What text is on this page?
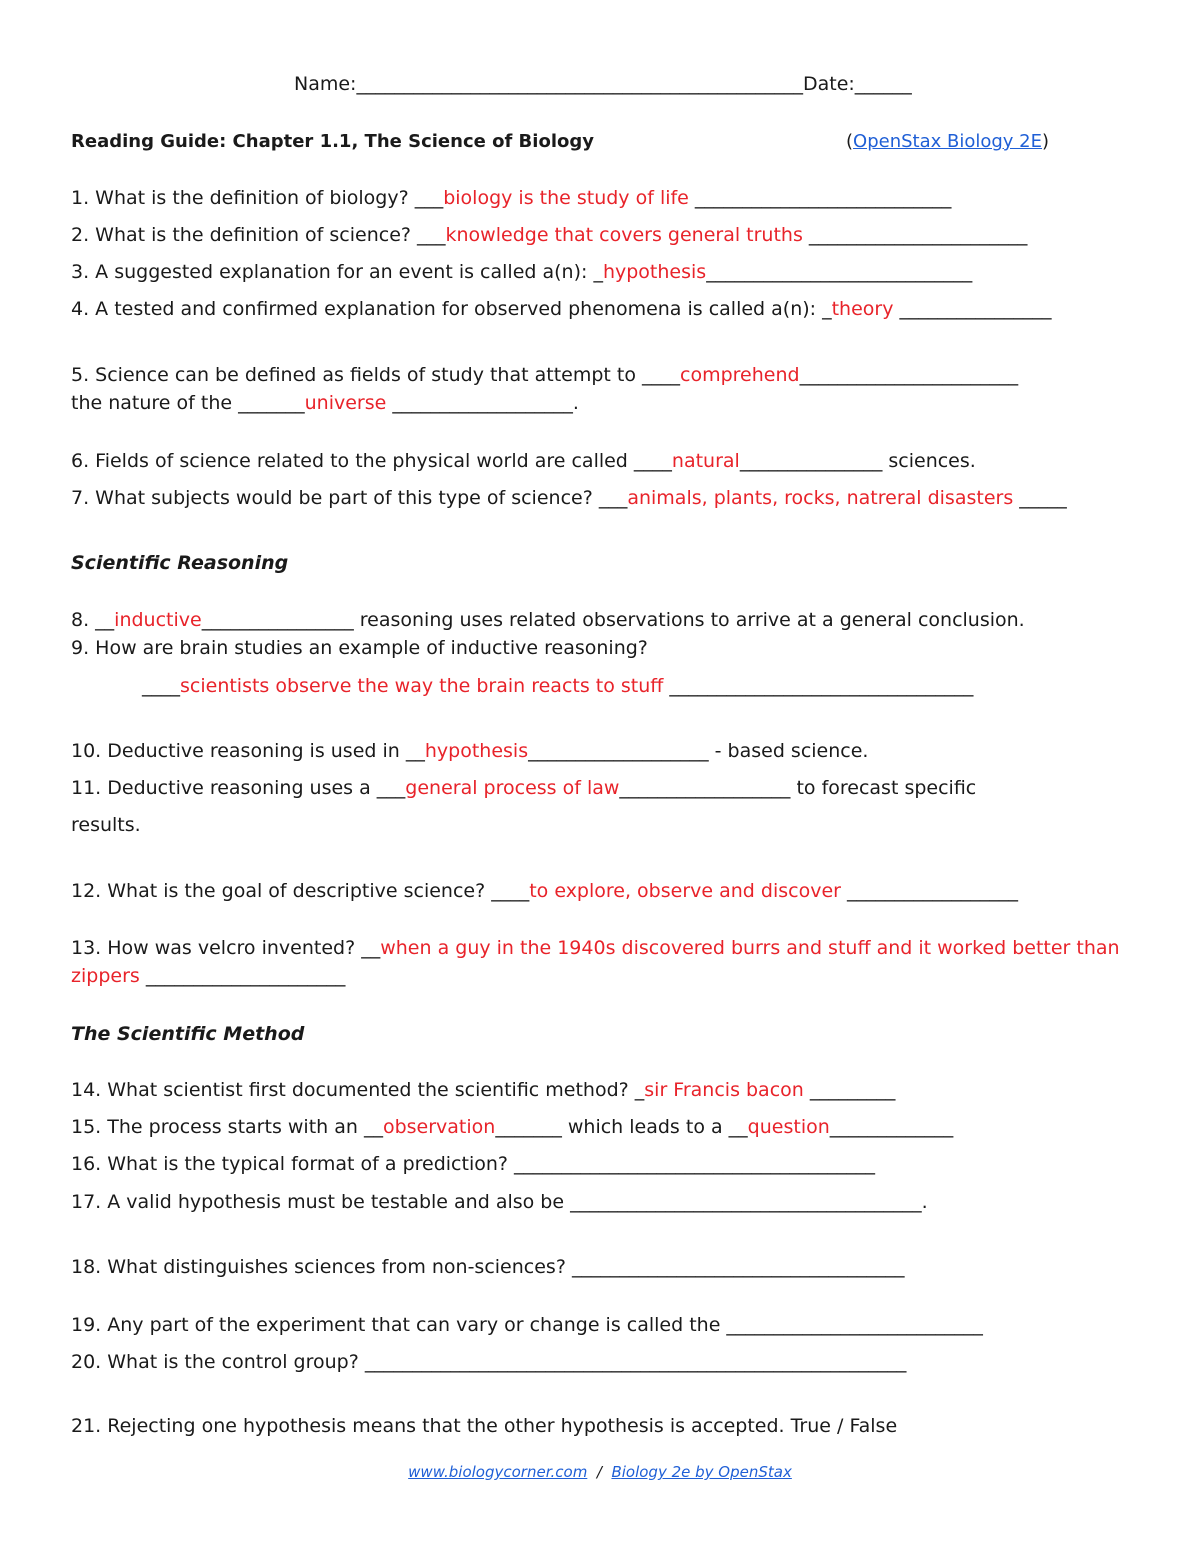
Name:_______________________________________________Date:______
Reading Guide: Chapter 1.1, The Science of Biology	(OpenStax Biology 2E)
1. What is the definition of biology? ___biology is the study of life ___________________________
2. What is the definition of science? ___knowledge that covers general truths _______________________
3. A suggested explanation for an event is called a(n): _hypothesis____________________________
4. A tested and confirmed explanation for observed phenomena is called a(n): _theory ________________
5. Science can be defined as fields of study that attempt to ____comprehend_______________________
the nature of the _______universe ___________________.
6. Fields of science related to the physical world are called ____natural_______________ sciences.
7. What subjects would be part of this type of science? ___animals, plants, rocks, natreral disasters _____
Scientific Reasoning
8. __inductive________________ reasoning uses related observations to arrive at a general conclusion.
9. How are brain studies an example of inductive reasoning?
____scientists observe the way the brain reacts to stuff ________________________________
10. Deductive reasoning is used in __hypothesis___________________ - based science.
11. Deductive reasoning uses a ___general process of law__________________ to forecast specific
results.
12. What is the goal of descriptive science? ____to explore, observe and discover __________________
13. How was velcro invented? __when a guy in the 1940s discovered burrs and stuff and it worked better than
zippers _____________________
The Scientific Method
14. What scientist first documented the scientific method? _sir Francis bacon _________
15. The process starts with an __observation_______ which leads to a __question_____________
16. What is the typical format of a prediction? ______________________________________
17. A valid hypothesis must be testable and also be _____________________________________.
18. What distinguishes sciences from non-sciences? ___________________________________
19. Any part of the experiment that can vary or change is called the ___________________________
20. What is the control group? _________________________________________________________
21. Rejecting one hypothesis means that the other hypothesis is accepted. True / False
www.biologycorner.com  /  Biology 2e by OpenStax
